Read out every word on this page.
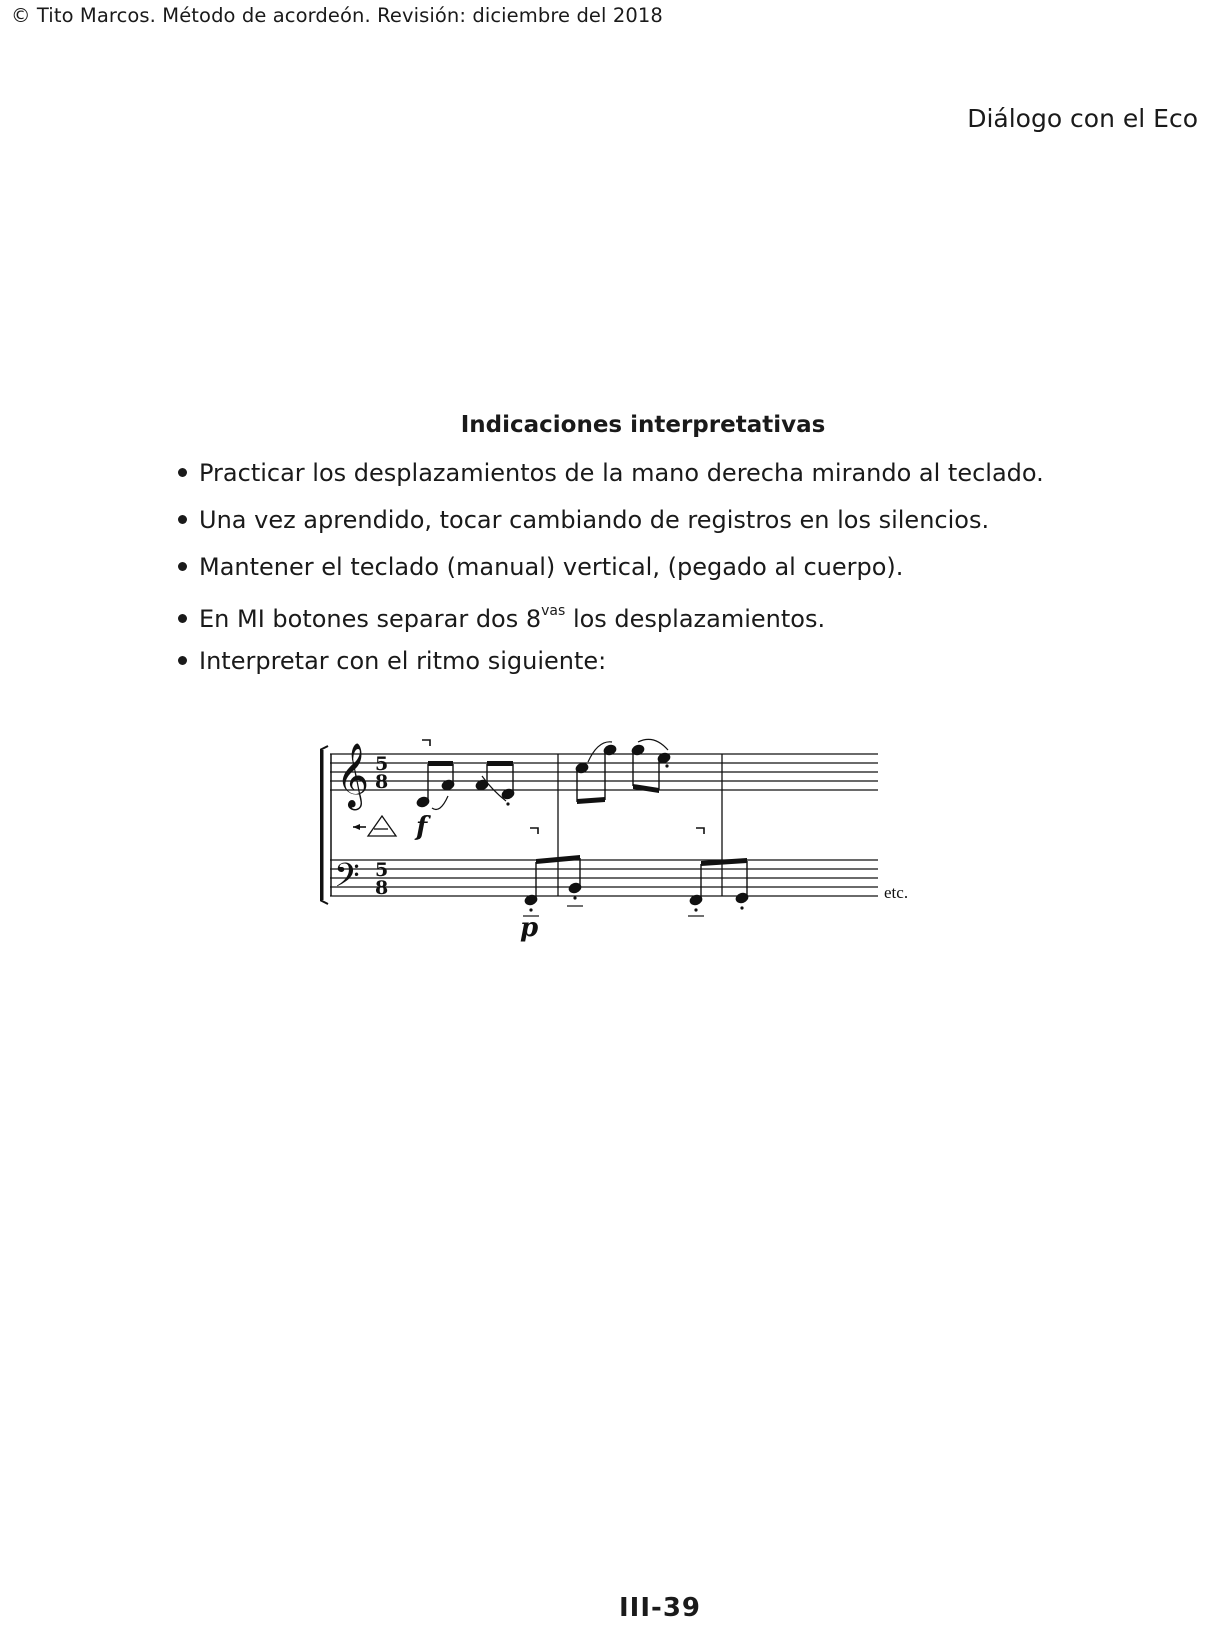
© Tito Marcos. Método de acordeón. Revisión: diciembre del 2018
Diálogo con el Eco
Indicaciones interpretativas
Practicar los desplazamientos de la mano derecha mirando al teclado.
Una vez aprendido, tocar cambiando de registros en los silencios.
Mantener el teclado (manual) vertical, (pegado al cuerpo).
En MI botones separar dos $8^{vas}$ los desplazamientos.
Interpretar con el ritmo siguiente:
𝄞
𝄢
5
8
5
8
f
p
etc.
III-39
